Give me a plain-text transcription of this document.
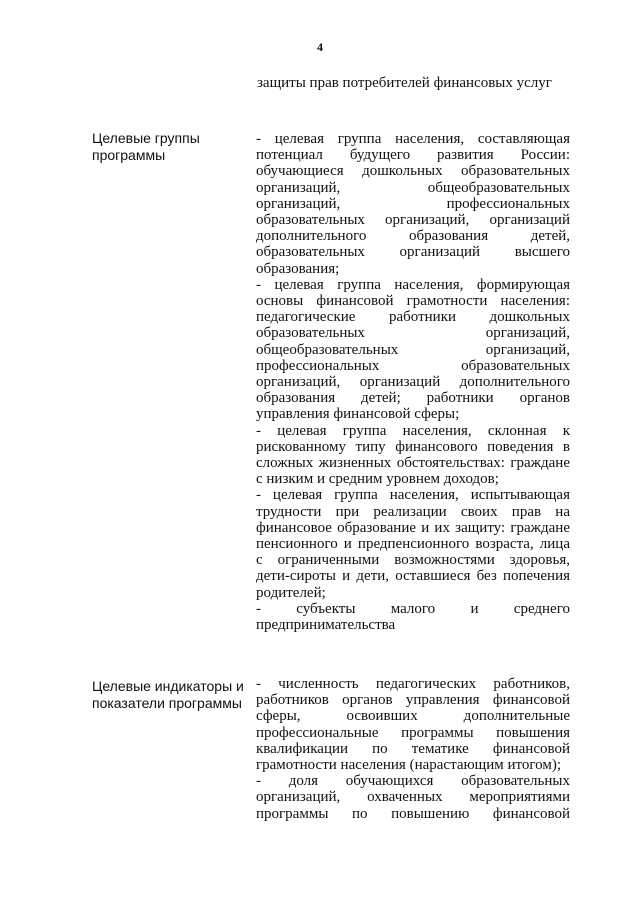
4
защиты прав потребителей финансовых услуг
Целевые группы программы

- целевая группа населения, составляющая потенциал будущего развития России: обучающиеся дошкольных образовательных организаций, общеобразовательных организаций, профессиональных образовательных организаций, организаций дополнительного образования детей, образовательных организаций высшего образования;

- целевая группа населения, формирующая основы финансовой грамотности населения: педагогические работники дошкольных образовательных организаций, общеобразовательных организаций, профессиональных образовательных организаций, организаций дополнительного образования детей; работники органов управления финансовой сферы;

- целевая группа населения, склонная к рискованному типу финансового поведения в сложных жизненных обстоятельствах: граждане с низким и средним уровнем доходов;

- целевая группа населения, испытывающая трудности при реализации своих прав на финансовое образование и их защиту: граждане пенсионного и предпенсионного возраста, лица с ограниченными возможностями здоровья, дети-сироты и дети, оставшиеся без попечения родителей;

- субъекты малого и среднего предпринимательства

Целевые индикаторы и показатели программы

- численность педагогических работников, работников органов управления финансовой сферы, освоивших дополнительные профессиональные программы повышения квалификации по тематике финансовой грамотности населения (нарастающим итогом);

- доля обучающихся образовательных организаций, охваченных мероприятиями программы по повышению финансовой
